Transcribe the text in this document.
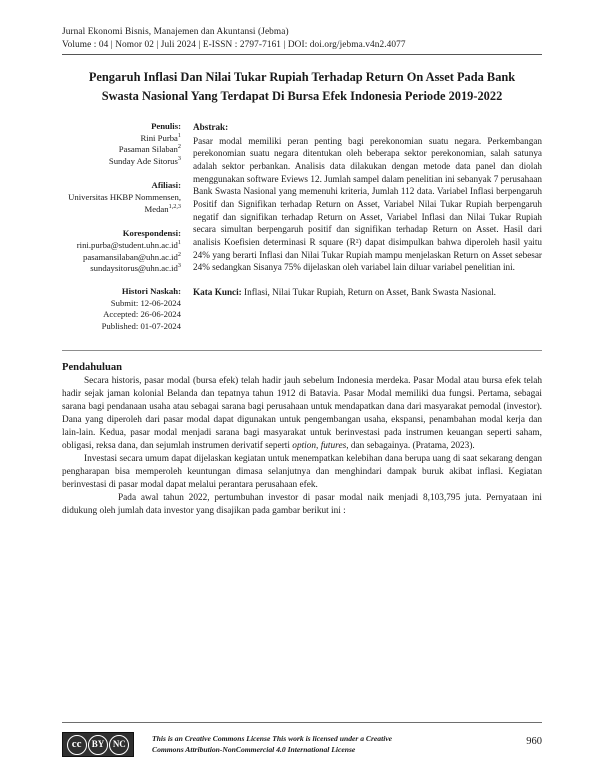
Jurnal Ekonomi Bisnis, Manajemen dan Akuntansi (Jebma)
Volume : 04 | Nomor 02 | Juli 2024 | E-ISSN : 2797-7161 | DOI: doi.org/jebma.v4n2.4077
Pengaruh Inflasi Dan Nilai Tukar Rupiah Terhadap Return On Asset Pada Bank Swasta Nasional Yang Terdapat Di Bursa Efek Indonesia Periode 2019-2022
Penulis:
Rini Purba$^1$
Pasaman Silaban$^2$
Sunday Ade Sitorus$^3$
Afiliasi:
Universitas HKBP Nommensen, Medan$^{1,2,3}$
Korespondensi:
$rini.purba@student.uhn.ac.id^1$
$pasamansilaban@uhn.ac.id^2$
$sundaysitorus@uhn.ac.id^3$
Histori Naskah:
Submit: 12-06-2024
Accepted: 26-06-2024
Published: 01-07-2024
Abstrak:

Pasar modal memiliki peran penting bagi perekonomian suatu negara. Perkembangan perekonomian suatu negara ditentukan oleh beberapa sektor perekonomian, salah satunya adalah sektor perbankan. Analisis data dilakukan dengan metode data panel dan diolah menggunakan software Eviews 12. Jumlah sampel dalam penelitian ini sebanyak 7 perusahaan Bank Swasta Nasional yang memenuhi kriteria, Jumlah 112 data. Variabel Inflasi berpengaruh Positif dan Signifikan terhadap Return on Asset, Variabel Nilai Tukar Rupiah berpengaruh negatif dan signifikan terhadap Return on Asset, Variabel Inflasi dan Nilai Tukar Rupiah secara simultan berpengaruh positif dan signifikan terhadap Return on Asset. Hasil dari analisis Koefisien determinasi R square (R²) dapat disimpulkan bahwa diperoleh hasil yaitu 24% yang berarti Inflasi dan Nilai Tukar Rupiah mampu menjelaskan Return on Asset sebesar 24% sedangkan Sisanya 75% dijelaskan oleh variabel lain diluar variabel penelitian ini.

Kata Kunci: Inflasi, Nilai Tukar Rupiah, Return on Asset, Bank Swasta Nasional.
Pendahuluan

Secara historis, pasar modal (bursa efek) telah hadir jauh sebelum Indonesia merdeka. Pasar Modal atau bursa efek telah hadir sejak jaman kolonial Belanda dan tepatnya tahun 1912 di Batavia. Pasar Modal memiliki dua fungsi. Pertama, sebagai sarana bagi pendanaan usaha atau sebagai sarana bagi perusahaan untuk mendapatkan dana dari masyarakat pemodal (investor). Dana yang diperoleh dari pasar modal dapat digunakan untuk pengembangan usaha, ekspansi, penambahan modal kerja dan lain-lain. Kedua, pasar modal menjadi sarana bagi masyarakat untuk berinvestasi pada instrumen keuangan seperti saham, obligasi, reksa dana, dan sejumlah instrumen derivatif seperti option, futures, dan sebagainya. (Pratama, 2023).

Investasi secara umum dapat dijelaskan kegiatan untuk menempatkan kelebihan dana berupa uang di saat sekarang dengan pengharapan bisa memperoleh keuntungan dimasa selanjutnya dan menghindari dampak buruk akibat inflasi. Kegiatan berinvestasi di pasar modal dapat melalui perantara perusahaan efek.

Pada awal tahun 2022, pertumbuhan investor di pasar modal naik menjadi 8,103,795 juta. Pernyataan ini didukung oleh jumlah data investor yang disajikan pada gambar berikut ini :

cc	BY NC
This is an Creative Commons License This work is licensed under a Creative
Commons Attribution-NonCommercial 4.0 International License
960
